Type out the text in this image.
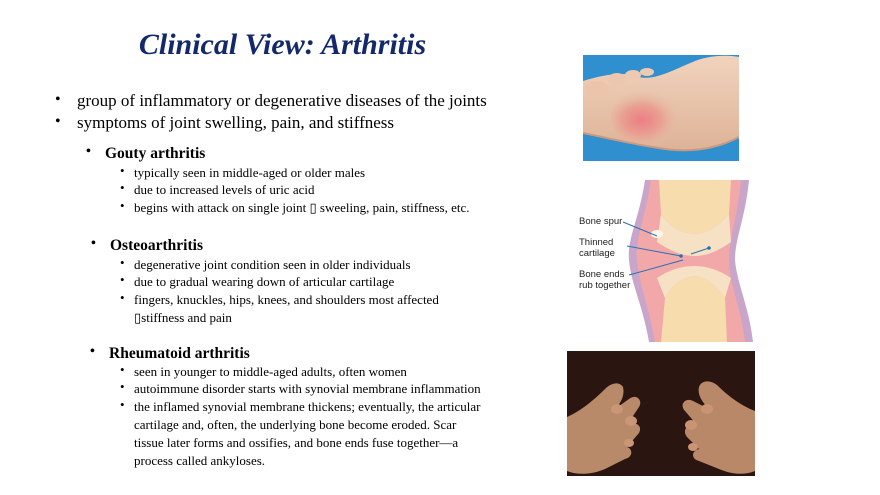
Clinical View: Arthritis
• group of inflammatory or degenerative diseases of the joints
• symptoms of joint swelling, pain, and stiffness
• Gouty arthritis
• typically seen in middle-aged or older males
• due to increased levels of uric acid
• begins with attack on single joint ▯ sweeling, pain, stiffness, etc.
• Osteoarthritis
• degenerative joint condition seen in older individuals
• due to gradual wearing down of articular cartilage
• fingers, knuckles, hips, knees, and shoulders most affected
▯stiffness and pain
• Rheumatoid arthritis
• seen in younger to middle-aged adults, often women
• autoimmune disorder starts with synovial membrane inflammation
• the inflamed synovial membrane thickens; eventually, the articular
cartilage and, often, the underlying bone become eroded. Scar
tissue later forms and ossifies, and bone ends fuse together—a
process called ankyloses.
Bone spur
Thinned
cartilage
Bone ends
rub together
